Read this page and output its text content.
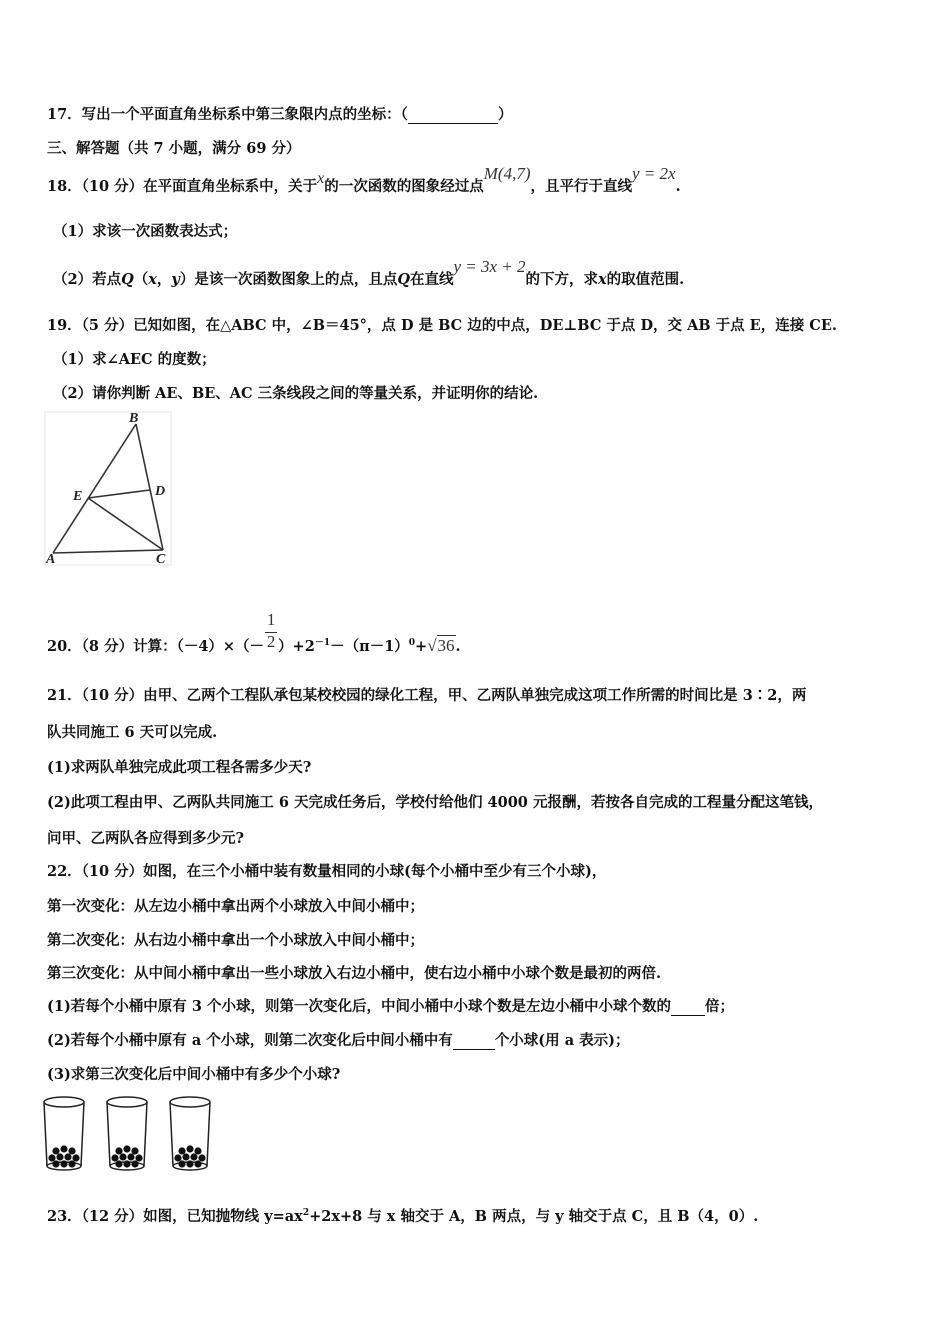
17．写出一个平面直角坐标系中第三象限内点的坐标：（	）
三、解答题（共 7 小题，满分 69 分）
18．（10 分）在平面直角坐标系中，关于x的一次函数的图象经过点M(4,7)，且平行于直线y = 2x.
（1）求该一次函数表达式；
（2）若点Q（x，y）是该一次函数图象上的点，且点Q在直线y = 3x + 2的下方，求x的取值范围.
19．（5 分）已知如图，在△ABC 中，∠B＝45°，点 D 是 BC 边的中点，DE⊥BC 于点 D，交 AB 于点 E，连接 CE.
（1）求∠AEC 的度数；
（2）请你判断 AE、BE、AC 三条线段之间的等量关系，并证明你的结论.
B
E	D
A	C
20．（8 分）计算：$(-4)\times(- \frac{1}{2} )+2^{-1}-(\pi-1)^0+√36$.
21．（10 分）由甲、乙两个工程队承包某校校园的绿化工程，甲、乙两队单独完成这项工作所需的时间比是 3∶2，两
队共同施工 6 天可以完成.
(1)求两队单独完成此项工程各需多少天?
(2)此项工程由甲、乙两队共同施工 6 天完成任务后，学校付给他们 4000 元报酬，若按各自完成的工程量分配这笔钱，
问甲、乙两队各应得到多少元?
22．（10 分）如图，在三个小桶中装有数量相同的小球(每个小桶中至少有三个小球)，
第一次变化：从左边小桶中拿出两个小球放入中间小桶中；
第二次变化：从右边小桶中拿出一个小球放入中间小桶中；
第三次变化：从中间小桶中拿出一些小球放入右边小桶中，使右边小桶中小球个数是最初的两倍.
(1)若每个小桶中原有 3 个小球，则第一次变化后，中间小桶中小球个数是左边小桶中小球个数的 倍；
(2)若每个小桶中原有 a 个小球，则第二次变化后中间小桶中有	个小球(用 a 表示)；
(3)求第三次变化后中间小桶中有多少个小球?
23．（12 分）如图，已知抛物线 $y=ax^2+2x+8$ 与 x 轴交于 A，B 两点，与 y 轴交于点 C，且 B（4，0）.
